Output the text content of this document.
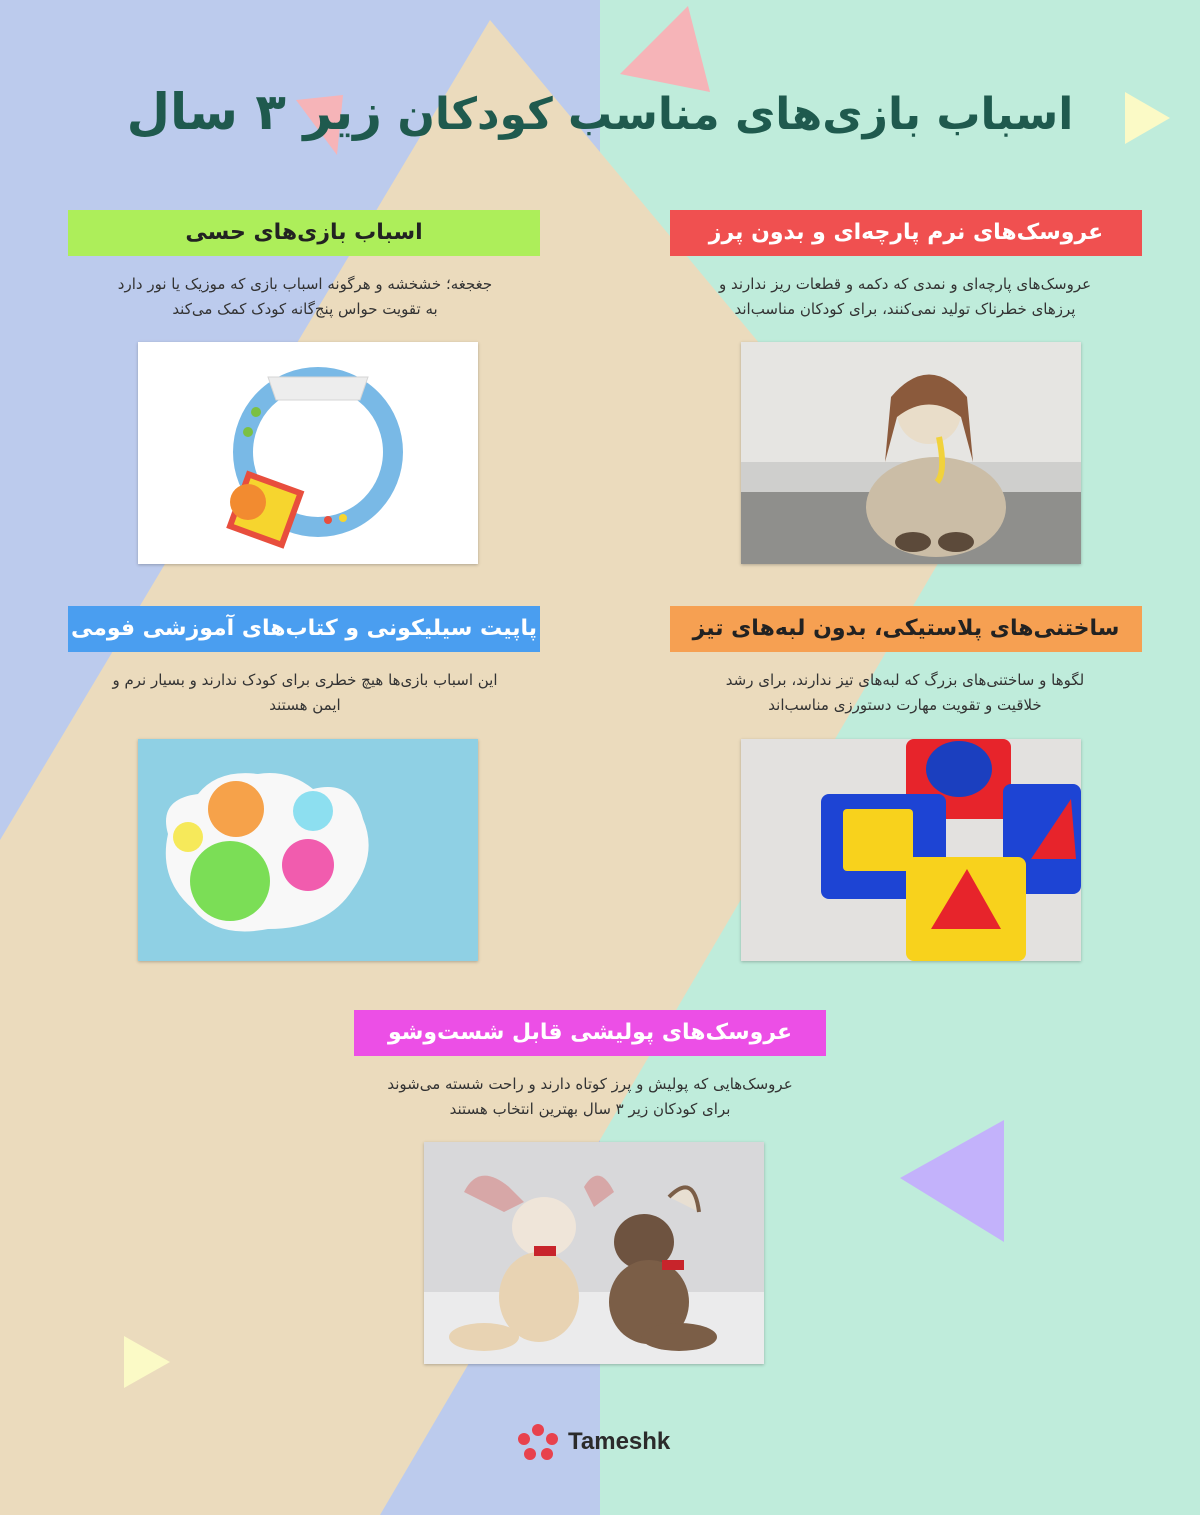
اسباب بازی‌های مناسب کودکان زیر ۳ سال
عروسک‌های نرم پارچه‌ای و بدون پرز
عروسک‌های پارچه‌ای و نمدی که دکمه و قطعات ریز ندارند و
پرزهای خطرناک تولید نمی‌کنند، برای کودکان مناسب‌اند
اسباب بازی‌های حسی
جغجغه؛ خشخشه و هرگونه اسباب بازی که موزیک یا نور دارد
به تقویت حواس پنج‌گانه کودک کمک می‌کند
ساختنی‌های پلاستیکی، بدون لبه‌های تیز
لگوها و ساختنی‌های بزرگ که لبه‌های تیز ندارند، برای رشد
خلاقیت و تقویت مهارت دستورزی مناسب‌اند
پاپیت سیلیکونی و کتاب‌های آموزشی فومی
این اسباب بازی‌ها هیچ خطری برای کودک ندارند و بسیار نرم و
ایمن هستند
عروسک‌های پولیشی قابل شست‌وشو
عروسک‌هایی که پولیش و پرز کوتاه دارند و راحت شسته می‌شوند
برای کودکان زیر ۳ سال بهترین انتخاب هستند
Tameshk
